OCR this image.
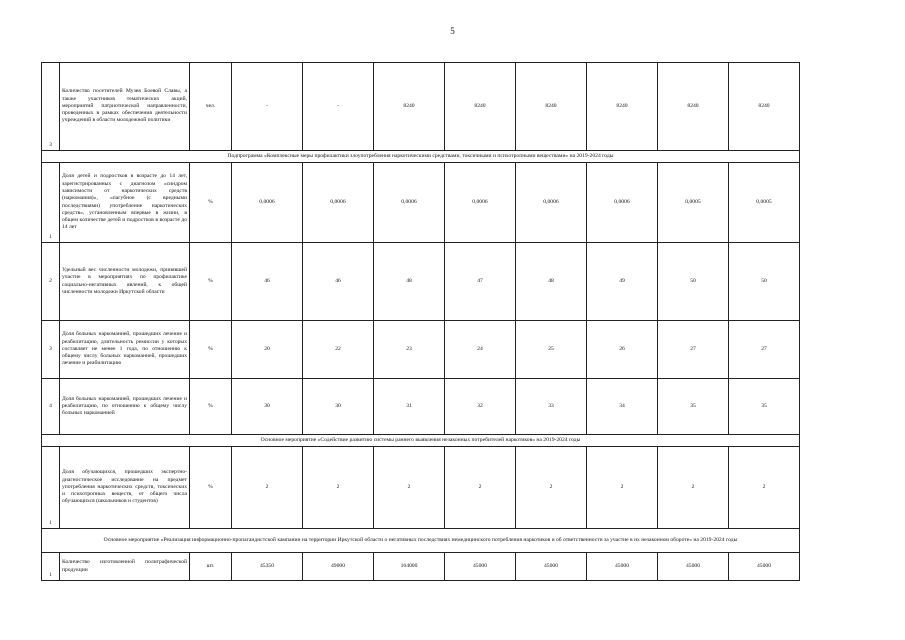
5
3	Количество посетителей Музея Боевой Славы, а также участников тематических акций, мероприятий патриотической направленности, проведенных в рамках обеспечения деятельности учреждений в области молодежной политики	чел.	-	-	8240	8240	8240	8240	8240	8240
Подпрограмма «Комплексные меры профилактики злоупотребления наркотическими средствами, токсичными и психотропными веществами» на 2019-2024 годы										
1	Доля детей и подростков в возрасте до 14 лет, зарегистрированных с диагнозом «синдром зависимости от наркотических средств (наркомания)», «пагубное (с вредными последствиями) употребление наркотических средств», установленным впервые в жизни, в общем количестве детей и подростков в возрасте до 14 лет	%	0,0006	0,0006	0,0006	0,0006	0,0006	0,0006	0,0005	0,0005
2	Удельный вес численности молодежи, принявшей участие в мероприятиях по профилактике социально-негативных явлений, к общей численности молодежи Иркутской области	%	46	46	48	47	48	49	50	50
3	Доля больных наркоманией, прошедших лечение и реабилитацию, длительность ремиссии у которых составляет не менее 1 года, по отношению к общему числу больных наркоманией, прошедших лечение и реабилитацию	%	20	22	23	24	25	26	27	27
4	Доля больных наркоманией, прошедших лечение и реабилитацию, по отношению к общему числу больных наркоманией	%	30	30	31	32	33	34	35	35
Основное мероприятие «Содействие развитию системы раннего выявления незаконных потребителей наркотиков» на 2019-2024 годы										
1	Доля обучающихся, прошедших экспертно-диагностическое исследование на предмет употребления наркотических средств, токсических и психотропных веществ, от общего числа обучающихся (школьников и студентов)	%	2	2	2	2	2	2	2	2
Основное мероприятие «Реализация информационно-пропагандистской кампании на территории Иркутской области о негативных последствиях немедицинского потребления наркотиков и об ответственности за участие в их незаконном обороте» на 2019-2024 годы										
1	Количество изготовленной полиграфической продукции	шт.	45350	49000	164000	45000	45000	45000	45000	45000
